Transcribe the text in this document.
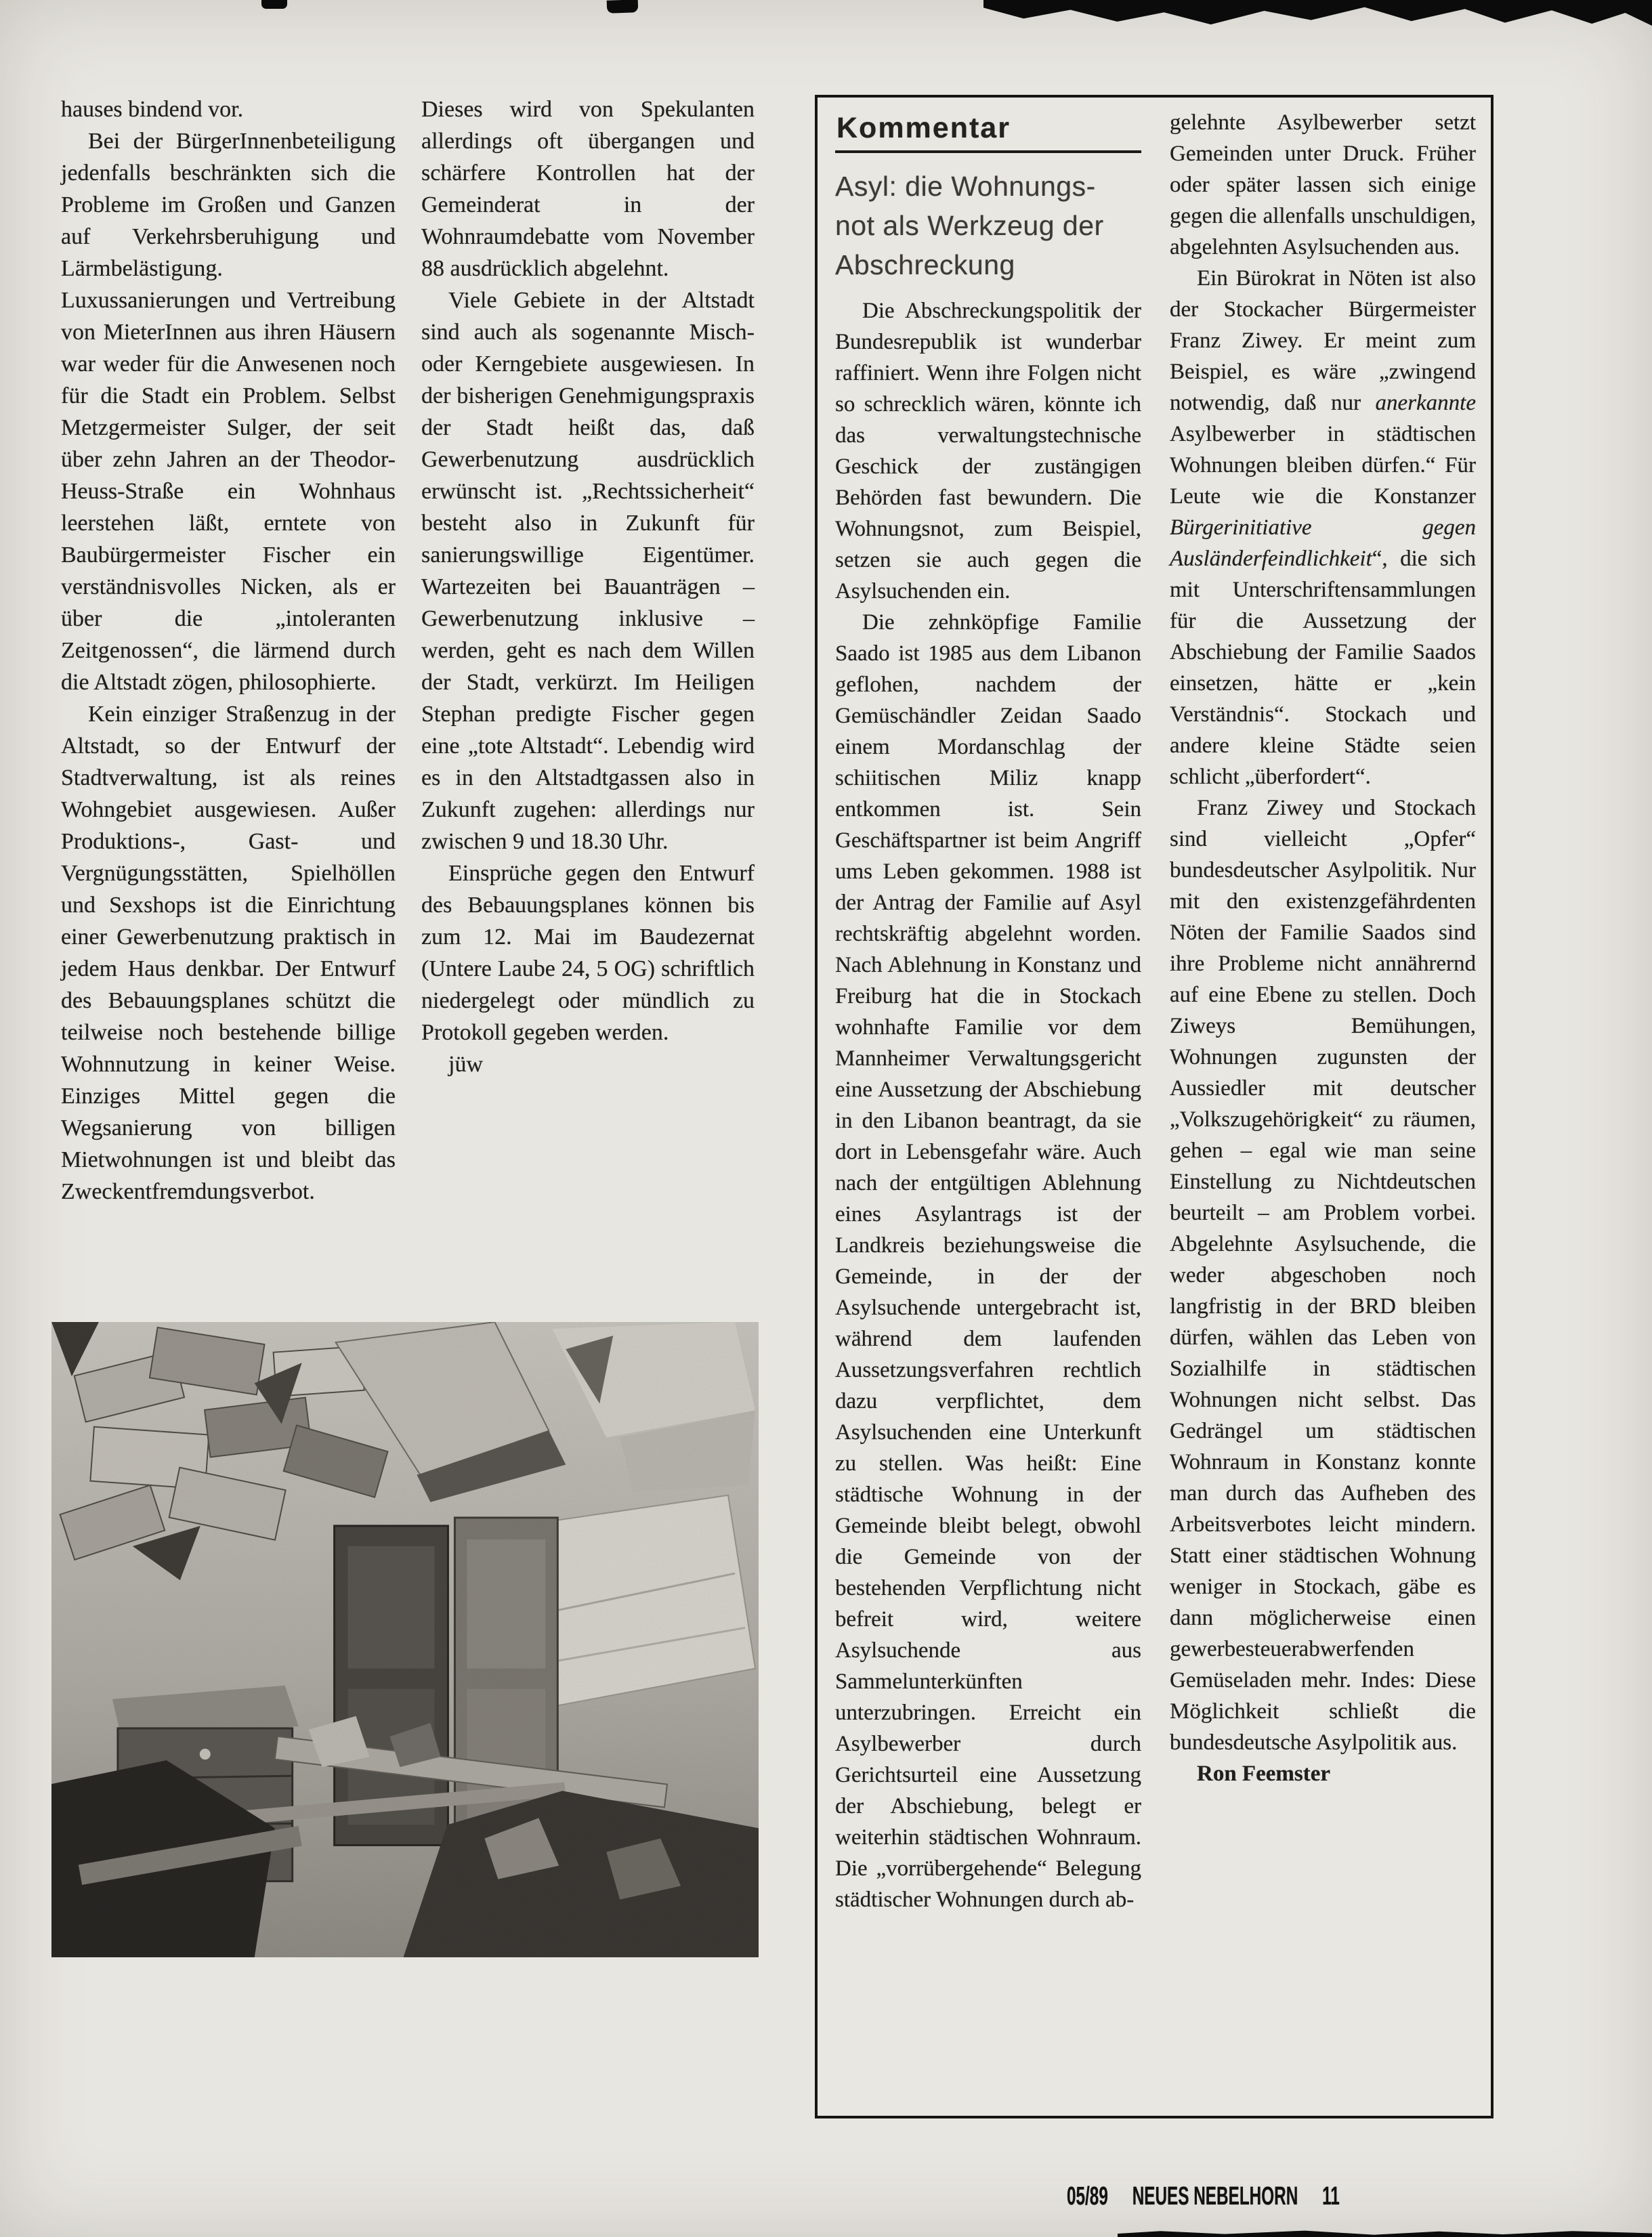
hauses bindend vor.

Bei der BürgerInnenbeteiligung jedenfalls beschränkten sich die Probleme im Großen und Ganzen auf Verkehrsberuhigung und Lärmbelästigung. Luxussanierungen und Vertreibung von MieterInnen aus ihren Häusern war weder für die Anwesenen noch für die Stadt ein Problem. Selbst Metzgermeister Sulger, der seit über zehn Jahren an der Theodor-Heuss-Straße ein Wohnhaus leerstehen läßt, erntete von Baubürgermeister Fischer ein verständnisvolles Nicken, als er über die „intoleranten Zeitgenossen“, die lärmend durch die Altstadt zögen, philosophierte.

Kein einziger Straßenzug in der Altstadt, so der Entwurf der Stadtverwaltung, ist als reines Wohngebiet ausgewiesen. Außer Produktions-, Gast- und Vergnügungsstätten, Spielhöllen und Sexshops ist die Einrichtung einer Gewerbenutzung praktisch in jedem Haus denkbar. Der Entwurf des Bebauungsplanes schützt die teilweise noch bestehende billige Wohnnutzung in keiner Weise. Einziges Mittel gegen die Wegsanierung von billigen Mietwohnungen ist und bleibt das Zweckentfremdungsverbot.

Dieses wird von Spekulanten allerdings oft übergangen und schärfere Kontrollen hat der Gemeinderat in der Wohnraumdebatte vom November 88 ausdrücklich abgelehnt.

Viele Gebiete in der Altstadt sind auch als sogenannte Misch- oder Kerngebiete ausgewiesen. In der bisherigen Genehmigungspraxis der Stadt heißt das, daß Gewerbenutzung ausdrücklich erwünscht ist. „Rechtssicherheit“ besteht also in Zukunft für sanierungswillige Eigentümer. Wartezeiten bei Bauanträgen – Gewerbenutzung inklusive – werden, geht es nach dem Willen der Stadt, verkürzt. Im Heiligen Stephan predigte Fischer gegen eine „tote Altstadt“. Lebendig wird es in den Altstadtgassen also in Zukunft zugehen: allerdings nur zwischen 9 und 18.30 Uhr.

Einsprüche gegen den Entwurf des Bebauungsplanes können bis zum 12. Mai im Baudezernat (Untere Laube 24, 5 OG) schriftlich niedergelegt oder mündlich zu Protokoll gegeben werden.

jüw

Kommentar
Asyl: die Wohnungs-
not als Werkzeug der
Abschreckung

Die Abschreckungspolitik der Bundesrepublik ist wunderbar raffiniert. Wenn ihre Folgen nicht so schrecklich wären, könnte ich das verwaltungstechnische Geschick der zustängigen Behörden fast bewundern. Die Wohnungsnot, zum Beispiel, setzen sie auch gegen die Asylsuchenden ein.

Die zehnköpfige Familie Saado ist 1985 aus dem Libanon geflohen, nachdem der Gemüschändler Zeidan Saado einem Mordanschlag der schiitischen Miliz knapp entkommen ist. Sein Geschäftspartner ist beim Angriff ums Leben gekommen. 1988 ist der Antrag der Familie auf Asyl rechtskräftig abgelehnt worden. Nach Ablehnung in Konstanz und Freiburg hat die in Stockach wohnhafte Familie vor dem Mannheimer Verwaltungsgericht eine Aussetzung der Abschiebung in den Libanon beantragt, da sie dort in Lebensgefahr wäre. Auch nach der entgültigen Ablehnung eines Asylantrags ist der Landkreis beziehungsweise die Gemeinde, in der der Asylsuchende untergebracht ist, während dem laufenden Aussetzungsverfahren rechtlich dazu verpflichtet, dem Asylsuchenden eine Unterkunft zu stellen. Was heißt: Eine städtische Wohnung in der Gemeinde bleibt belegt, obwohl die Gemeinde von der bestehenden Verpflichtung nicht befreit wird, weitere Asylsuchende aus Sammelunterkünften unterzubringen. Erreicht ein Asylbewerber durch Gerichtsurteil eine Aussetzung der Abschiebung, belegt er weiterhin städtischen Wohnraum. Die „vorrübergehende“ Belegung städtischer Wohnungen durch ab-

gelehnte Asylbewerber setzt Gemeinden unter Druck. Früher oder später lassen sich einige gegen die allenfalls unschuldigen, abgelehnten Asylsuchenden aus.

Ein Bürokrat in Nöten ist also der Stockacher Bürgermeister Franz Ziwey. Er meint zum Beispiel, es wäre „zwingend notwendig, daß nur anerkannte Asylbewerber in städtischen Wohnungen bleiben dürfen.“ Für Leute wie die Konstanzer Bürgerinitiative gegen Ausländerfeindlichkeit“, die sich mit Unterschriftensammlungen für die Aussetzung der Abschiebung der Familie Saados einsetzen, hätte er „kein Verständnis“. Stockach und andere kleine Städte seien schlicht „überfordert“.

Franz Ziwey und Stockach sind vielleicht „Opfer“ bundesdeutscher Asylpolitik. Nur mit den existenzgefährdenten Nöten der Familie Saados sind ihre Probleme nicht annährernd auf eine Ebene zu stellen. Doch Ziweys Bemühungen, Wohnungen zugunsten der Aussiedler mit deutscher „Volkszugehörigkeit“ zu räumen, gehen – egal wie man seine Einstellung zu Nichtdeutschen beurteilt – am Problem vorbei. Abgelehnte Asylsuchende, die weder abgeschoben noch langfristig in der BRD bleiben dürfen, wählen das Leben von Sozialhilfe in städtischen Wohnungen nicht selbst. Das Gedrängel um städtischen Wohnraum in Konstanz konnte man durch das Aufheben des Arbeitsverbotes leicht mindern. Statt einer städtischen Wohnung weniger in Stockach, gäbe es dann möglicherweise einen gewerbesteuerabwerfenden Gemüseladen mehr. Indes: Diese Möglichkeit schließt die bundesdeutsche Asylpolitik aus.

Ron Feemster

05/89 NEUES NEBELHORN 11
